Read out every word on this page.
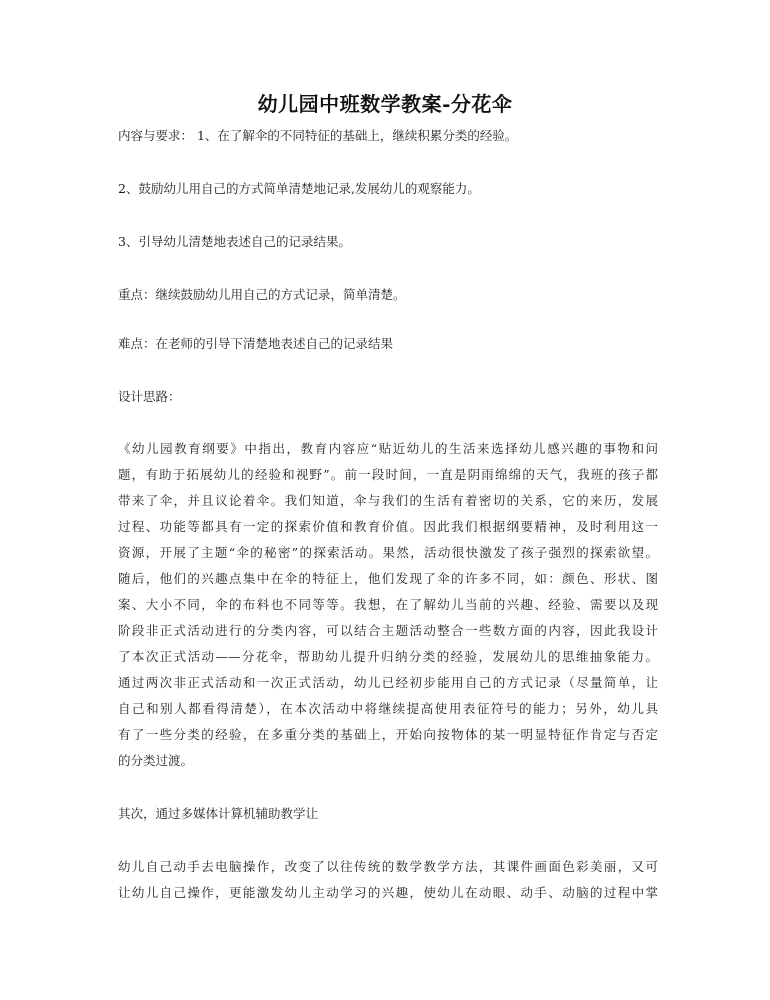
幼儿园中班数学教案-分花伞
内容与要求： 1、在了解伞的不同特征的基础上，继续积累分类的经验。
2、鼓励幼儿用自己的方式简单清楚地记录,发展幼儿的观察能力。
3、引导幼儿清楚地表述自己的记录结果。
重点：继续鼓励幼儿用自己的方式记录，简单清楚。
难点：在老师的引导下清楚地表述自己的记录结果
设计思路：
《幼儿园教育纲要》中指出，教育内容应“贴近幼儿的生活来选择幼儿感兴趣的事物和问
题，有助于拓展幼儿的经验和视野”。前一段时间，一直是阴雨绵绵的天气，我班的孩子都
带来了伞，并且议论着伞。我们知道，伞与我们的生活有着密切的关系，它的来历，发展
过程、功能等都具有一定的探索价值和教育价值。因此我们根据纲要精神，及时利用这一
资源，开展了主题“伞的秘密”的探索活动。果然，活动很快激发了孩子强烈的探索欲望。
随后，他们的兴趣点集中在伞的特征上，他们发现了伞的许多不同，如：颜色、形状、图
案、大小不同，伞的布料也不同等等。我想，在了解幼儿当前的兴趣、经验、需要以及现
阶段非正式活动进行的分类内容，可以结合主题活动整合一些数方面的内容，因此我设计
了本次正式活动——分花伞，帮助幼儿提升归纳分类的经验，发展幼儿的思维抽象能力。
通过两次非正式活动和一次正式活动，幼儿已经初步能用自己的方式记录（尽量简单，让
自己和别人都看得清楚），在本次活动中将继续提高使用表征符号的能力；另外，幼儿具
有了一些分类的经验，在多重分类的基础上，开始向按物体的某一明显特征作肯定与否定
的分类过渡。
其次，通过多媒体计算机辅助教学让
幼儿自己动手去电脑操作，改变了以往传统的数学教学方法，其课件画面色彩美丽，又可
让幼儿自己操作，更能激发幼儿主动学习的兴趣，使幼儿在动眼、动手、动脑的过程中掌
